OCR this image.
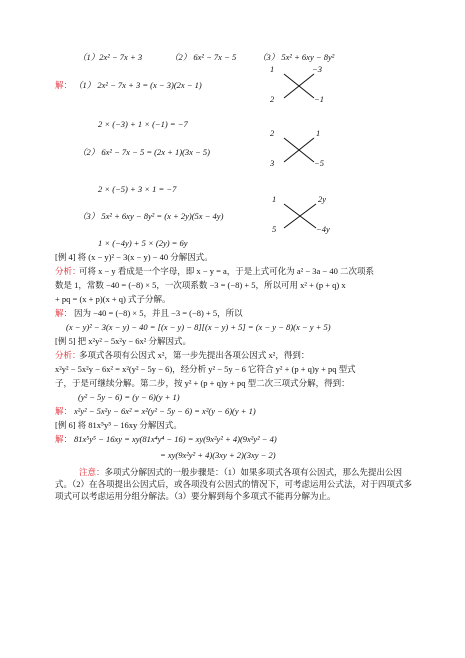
（1）2x² − 7x + 3	（2） 6x² − 7x − 5	（3） 5x² + 6xy − 8y²
1	−3
2	−1
解： （1） 2x² − 7x + 3 = (x − 3)(2x − 1)
2 × (−3) + 1 × (−1) = −7
2	1
3	−5
（2） 6x² − 7x − 5 = (2x + 1)(3x − 5)
2 × (−5) + 3 × 1 = −7
1	2y
5	−4y
（3） 5x² + 6xy − 8y² = (x + 2y)(5x − 4y)
1 × (−4y) + 5 × (2y) = 6y
[例 4] 将 (x − y)² − 3(x − y) − 40 分解因式。
分析：
可将 x − y 看成是一个字母，即 x − y = a，于是上式可化为 a² − 3a − 40 二次项系
数是 1，常数 −40 = (−8) × 5，一次项系数 −3 = (−8) + 5，所以可用 x² + (p + q) x
+ pq = (x + p)(x + q) 式子分解。
解： 因为 −40 = (−8) × 5，并且 −3 = (−8) + 5，所以
(x − y)² − 3(x − y) − 40 = [(x − y) − 8][(x − y) + 5] = (x − y − 8)(x − y + 5)
[例 5] 把 x²y² − 5x²y − 6x² 分解因式。
分析：
多项式各项有公因式 x²，第一步先提出各项公因式 x²，得到：
x²y² − 5x²y − 6x² = x²(y² − 5y − 6)，经分析 y² − 5y − 6 它符合 y² + (p + q)y + pq 型式
子，于是可继续分解。第二步，按 y² + (p + q)y + pq 型二次三项式分解，得到：
(y² − 5y − 6) = (y − 6)(y + 1)
解： x²y² − 5x²y − 6x² = x²(y² − 5y − 6) = x²(y − 6)(y + 1)
[例 6] 将 81x⁵y⁵ − 16xy 分解因式。
解： 81x⁵y⁵ − 16xy = xy(81x⁴y⁴ − 16) = xy(9x²y² + 4)(9x²y² − 4)
= xy(9x²y² + 4)(3xy + 2)(3xy − 2)
注意：多项式分解因式的一般步骤是：（1）如果多项式各项有公因式，那么先提出公因式。（2）在各项提出公因式后，或各项没有公因式的情况下，可考虑运用公式法，对于四项式多项式可以考虑运用分组分解法。（3）要分解到每个多项式不能再分解为止。
